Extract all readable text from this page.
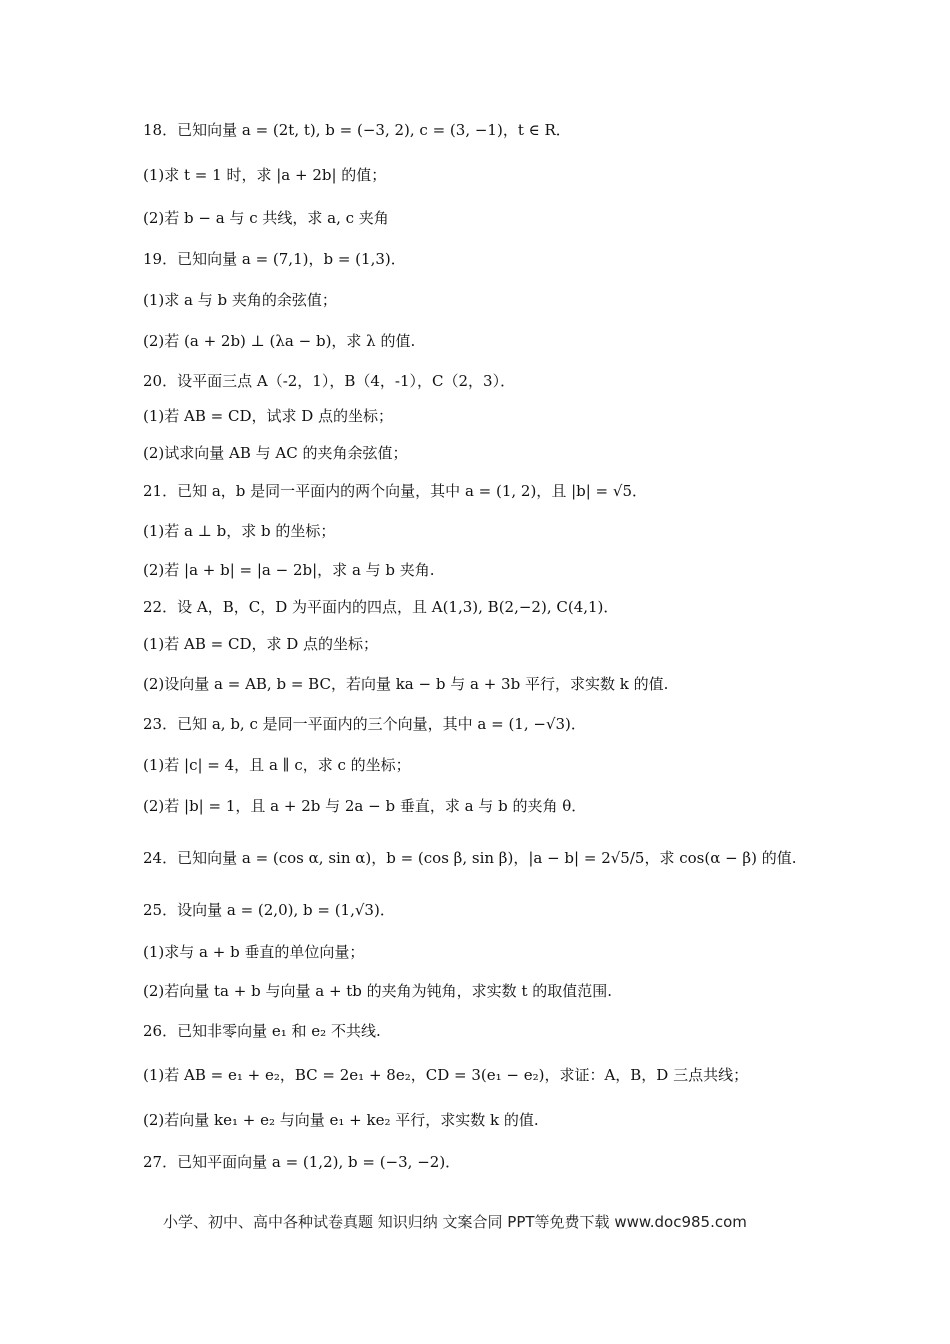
18．已知向量 a = (2t, t), b = (−3, 2), c = (3, −1)，t ∈ R．
(1)求 t = 1 时，求 |a + 2b| 的值；
(2)若 b − a 与 c 共线，求 a, c 夹角
19．已知向量 a = (7,1)，b = (1,3)．
(1)求 a 与 b 夹角的余弦值；
(2)若 (a + 2b) ⊥ (λa − b)，求 λ 的值.
20．设平面三点 A（-2，1），B（4，-1），C（2，3）．
(1)若 AB = CD，试求 D 点的坐标；
(2)试求向量 AB 与 AC 的夹角余弦值；
21．已知 a，b 是同一平面内的两个向量，其中 a = (1, 2)，且 |b| = √5．
(1)若 a ⊥ b，求 b 的坐标；
(2)若 |a + b| = |a − 2b|，求 a 与 b 夹角.
22．设 A，B，C，D 为平面内的四点，且 A(1,3), B(2,−2), C(4,1)．
(1)若 AB = CD，求 D 点的坐标；
(2)设向量 a = AB, b = BC，若向量 ka − b 与 a + 3b 平行，求实数 k 的值.
23．已知 a, b, c 是同一平面内的三个向量，其中 a = (1, −√3)．
(1)若 |c| = 4，且 a ∥ c，求 c 的坐标；
(2)若 |b| = 1，且 a + 2b 与 2a − b 垂直，求 a 与 b 的夹角 θ．
24．已知向量 a = (cos α, sin α)，b = (cos β, sin β)，|a − b| = 2√5/5，求 cos(α − β) 的值.
25．设向量 a = (2,0), b = (1,√3)．
(1)求与 a + b 垂直的单位向量；
(2)若向量 ta + b 与向量 a + tb 的夹角为钝角，求实数 t 的取值范围.
26．已知非零向量 e₁ 和 e₂ 不共线.
(1)若 AB = e₁ + e₂，BC = 2e₁ + 8e₂，CD = 3(e₁ − e₂)，求证：A，B，D 三点共线；
(2)若向量 ke₁ + e₂ 与向量 e₁ + ke₂ 平行，求实数 k 的值.
27．已知平面向量 a = (1,2), b = (−3, −2)．
小学、初中、高中各种试卷真题 知识归纳 文案合同 PPT等免费下载 www.doc985.com
